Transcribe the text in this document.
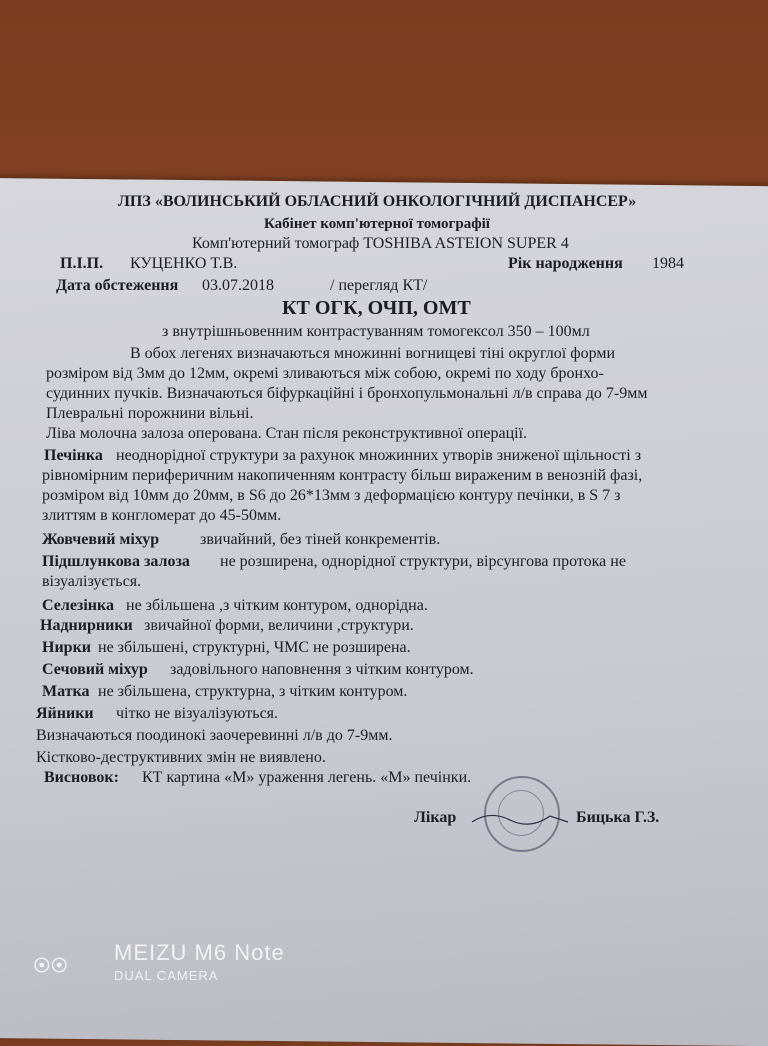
ЛПЗ «ВОЛИНСЬКИЙ ОБЛАСНИЙ ОНКОЛОГІЧНИЙ ДИСПАНСЕР»
Кабінет комп'ютерної томографії
Комп'ютерний томограф TOSHIBA ASTEION SUPER 4
П.І.П. КУЦЕНКО Т.В.	Рік народження 1984
Дата обстеження 03.07.2018	/ перегляд КТ/
КТ ОГК, ОЧП, ОМТ
з внутрішньовенним контрастуванням томогексол 350 – 100мл
В обох легенях визначаються множинні вогнищеві тіні округлої форми
розміром від 3мм до 12мм, окремі зливаються між собою, окремі по ходу бронхо-
судинних пучків. Визначаються біфуркаційні і бронхопульмональні л/в справа до 7-9мм
Плевральні порожнини вільні.
Ліва молочна залоза оперована. Стан після реконструктивної операції.
Печінка неоднорідної структури за рахунок множинних утворів зниженої щільності з
рівномірним периферичним накопиченням контрасту більш вираженим в венозній фазі,
розміром від 10мм до 20мм, в S6 до 26*13мм з деформацією контуру печінки, в S 7 з
злиттям в конгломерат до 45-50мм.
Жовчевий міхур	звичайний, без тіней конкрементів.
Підшлункова залоза не розширена, однорідної структури, вірсунгова протока не
візуалізується.
Селезінка не збільшена ,з чітким контуром, однорідна.
Наднирники звичайної форми, величини ,структури.
Нирки не збільшені, структурні, ЧМС не розширена.
Сечовий міхур задовільного наповнення з чітким контуром.
Матка не збільшена, структурна, з чітким контуром.
Яйники чітко не візуалізуються.
Визначаються поодинокі заочеревинні л/в до 7-9мм.
Кістково-деструктивних змін не виявлено.
Висновок: КТ картина «М» ураження легень. «М» печінки.
Лікар	Бицька Г.З.
MEIZU M6 Note
DUAL CAMERA
